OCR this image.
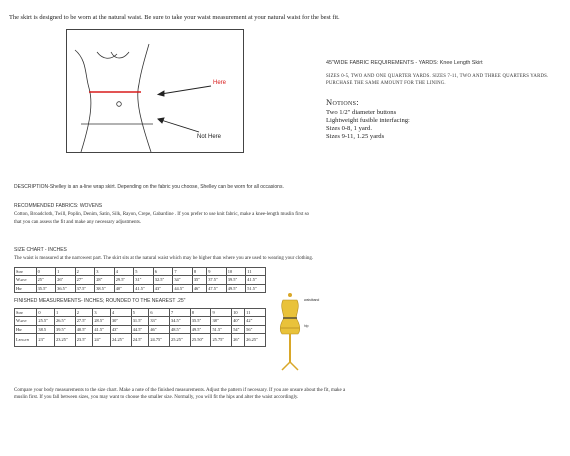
The skirt is designed to be worn at the natural waist. Be sure to take your waist measurement at your natural waist for the best fit.
Here
Not Here
45"WIDE FABRIC REQUIREMENTS - YARDS: Knee Length Skirt
SIZES 0-5, TWO AND ONE QUARTER YARDS. SIZES 7-11, TWO AND THREE QUARTERS YARDS. PURCHASE THE SAME AMOUNT FOR THE LINING.
Notions:
Two 1/2" diameter buttons
Lightweight fusible interfacing:
Sizes 0-8, 1 yard.
Sizes 9-11, 1.25 yards
DESCRIPTION-Shelley is an a-line wrap skirt. Depending on the fabric you choose, Shelley can be worn for all occasions.
RECOMMENDED FABRICS: WOVENS
Cotton, Broadcloth, Twill, Poplin, Denim, Satin, Silk, Rayon, Crepe, Gabardine . If you prefer to use knit fabric, make a knee-length muslin first so that you can assess the fit and make any necessary adjustments.
SIZE CHART - INCHES
The waist is measured at the narrowest part. The skirt sits at the natural waist which may be higher than where you are used to wearing your clothing.
Size	0	1	2	3	4	5	6	7	8	9	10	11
Waist	25"	26"	27"	28"	29.5"	31"	32.5"	34"	35"	37.5"	39.5"	41.5"
Hip	35.5"	36.5"	37.5"	38.5"	40"	41.5"	43"	44.5"	46"	47.5"	49.5"	51.5"
FINISHED MEASUREMENTS- INCHES; ROUNDED TO THE NEAREST .25"
Size	0	1	2	3	4	5	6	7	8	9	10	11
Waist	25.5"	26.5"	27.5"	28.5"	30"	31.5"	33"	34.5"	35.5"	38"	40"	42"
Hip	38.5	39.5"	40.5"	41.5"	43"	44.5"	46"	48.5"	49.5"	51.5"	54"	56"
Length	23"	23.25"	23.5"	24"	24.25"	24.5"	24.75"	25.25"	25.50"	25.75"	26"	26.25"
waistband
hip
Compare your body measurements to the size chart. Make a note of the finished measurements. Adjust the pattern if necessary. If you are unsure about the fit, make a muslin first. If you fall between sizes, you may want to choose the smaller size. Normally, you will fit the hips and alter the waist accordingly.
